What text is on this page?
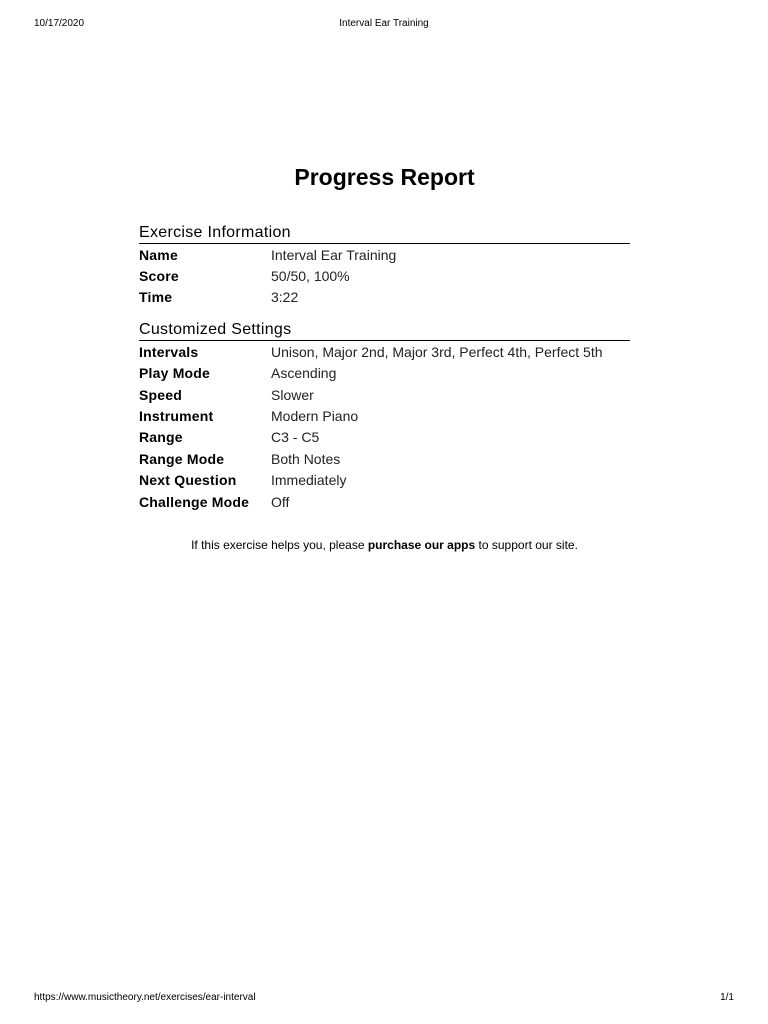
10/17/2020	Interval Ear Training
Progress Report
Exercise Information
Name	Interval Ear Training
Score	50/50, 100%
Time	3:22
Customized Settings
Intervals	Unison, Major 2nd, Major 3rd, Perfect 4th, Perfect 5th
Play Mode	Ascending
Speed	Slower
Instrument	Modern Piano
Range	C3 - C5
Range Mode	Both Notes
Next Question	Immediately
Challenge Mode	Off

If this exercise helps you, please purchase our apps to support our site.

https://www.musictheory.net/exercises/ear-interval	1/1
